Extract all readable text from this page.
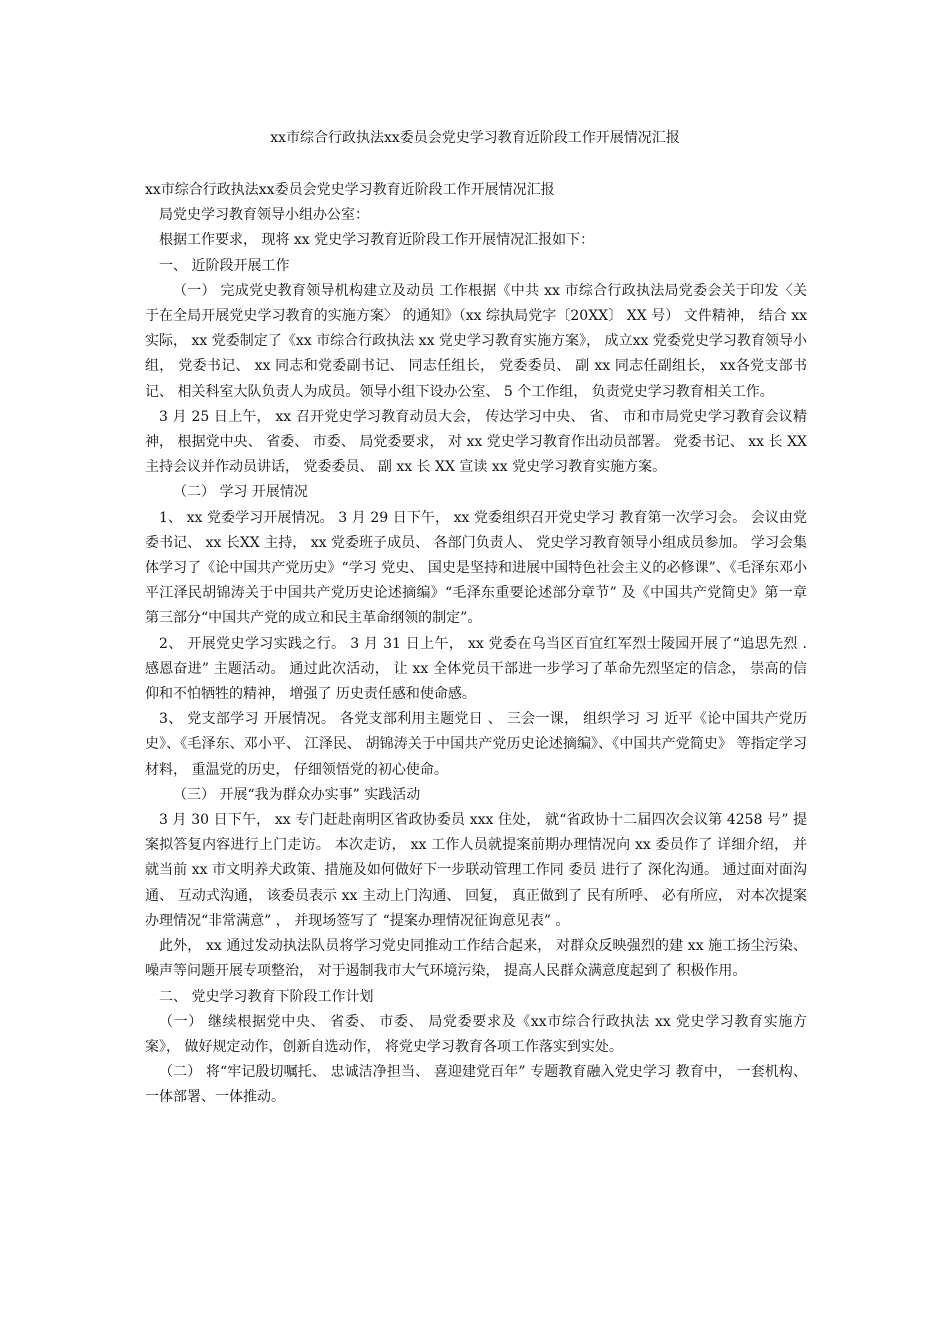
xx市综合行政执法xx委员会党史学习教育近阶段工作开展情况汇报

xx市综合行政执法xx委员会党史学习教育近阶段工作开展情况汇报

局党史学习教育领导小组办公室：

根据工作要求， 现将 xx 党史学习教育近阶段工作开展情况汇报如下：

一、 近阶段开展工作

（一） 完成党史教育领导机构建立及动员 工作根据《中共 xx 市综合行政执法局党委会关于印发〈关于在全局开展党史学习教育的实施方案〉 的通知》（xx 综执局党字〔20XX〕 XX 号） 文件精神， 结合 xx 实际， xx 党委制定了《xx 市综合行政执法 xx 党史学习教育实施方案》， 成立xx 党委党史学习教育领导小组， 党委书记、 xx 同志和党委副书记、 同志任组长， 党委委员、 副 xx 同志任副组长， xx各党支部书记、 相关科室大队负责人为成员。领导小组下设办公室、 5 个工作组， 负责党史学习教育相关工作。

3 月 25 日上午， xx 召开党史学习教育动员大会， 传达学习中央、 省、 市和市局党史学习教育会议精神， 根据党中央、 省委、 市委、 局党委要求， 对 xx 党史学习教育作出动员部署。 党委书记、 xx 长 XX 主持会议并作动员讲话， 党委委员、 副 xx 长 XX 宣读 xx 党史学习教育实施方案。

（二） 学习 开展情况

1、 xx 党委学习开展情况。 3 月 29 日下午， xx 党委组织召开党史学习 教育第一次学习会。 会议由党委书记、 xx 长XX 主持， xx 党委班子成员、 各部门负责人、 党史学习教育领导小组成员参加。 学习会集体学习了《论中国共产党历史》“学习 党史、 国史是坚持和进展中国特色社会主义的必修课”、《毛泽东邓小平江泽民胡锦涛关于中国共产党历史论述摘编》“毛泽东重要论述部分章节” 及《中国共产党简史》第一章第三部分“中国共产党的成立和民主革命纲领的制定”。

2、 开展党史学习实践之行。 3 月 31 日上午， xx 党委在乌当区百宜红军烈士陵园开展了“追思先烈 . 感恩奋进” 主题活动。 通过此次活动， 让 xx 全体党员干部进一步学习了革命先烈坚定的信念， 崇高的信仰和不怕牺牲的精神， 增强了 历史责任感和使命感。

3、 党支部学习 开展情况。 各党支部利用主题党日 、 三会一课， 组织学习 习 近平《论中国共产党历史》、《毛泽东、邓小平、 江泽民、 胡锦涛关于中国共产党历史论述摘编》、《中国共产党简史》 等指定学习材料， 重温党的历史， 仔细领悟党的初心使命。

（三） 开展“我为群众办实事” 实践活动

3 月 30 日下午， xx 专门赶赴南明区省政协委员 xxx 住处， 就“省政协十二届四次会议第 4258 号” 提案拟答复内容进行上门走访。 本次走访， xx 工作人员就提案前期办理情况向 xx 委员作了 详细介绍， 并就当前 xx 市文明养犬政策、措施及如何做好下一步联动管理工作同 委员 进行了 深化沟通。 通过面对面沟通、 互动式沟通， 该委员表示 xx 主动上门沟通、 回复， 真正做到了 民有所呼、 必有所应， 对本次提案办理情况“非常满意” ， 并现场签写了 “提案办理情况征询意见表” 。

此外， xx 通过发动执法队员将学习党史同推动工作结合起来， 对群众反映强烈的建 xx 施工扬尘污染、 噪声等问题开展专项整治， 对于遏制我市大气环境污染， 提高人民群众满意度起到了 积极作用。

二、 党史学习教育下阶段工作计划

（一） 继续根据党中央、 省委、 市委、 局党委要求及《xx市综合行政执法 xx 党史学习教育实施方案》， 做好规定动作，创新自选动作， 将党史学习教育各项工作落实到实处。

（二） 将“牢记殷切嘱托、 忠诚洁净担当、 喜迎建党百年” 专题教育融入党史学习 教育中， 一套机构、 一体部署、一体推动。
